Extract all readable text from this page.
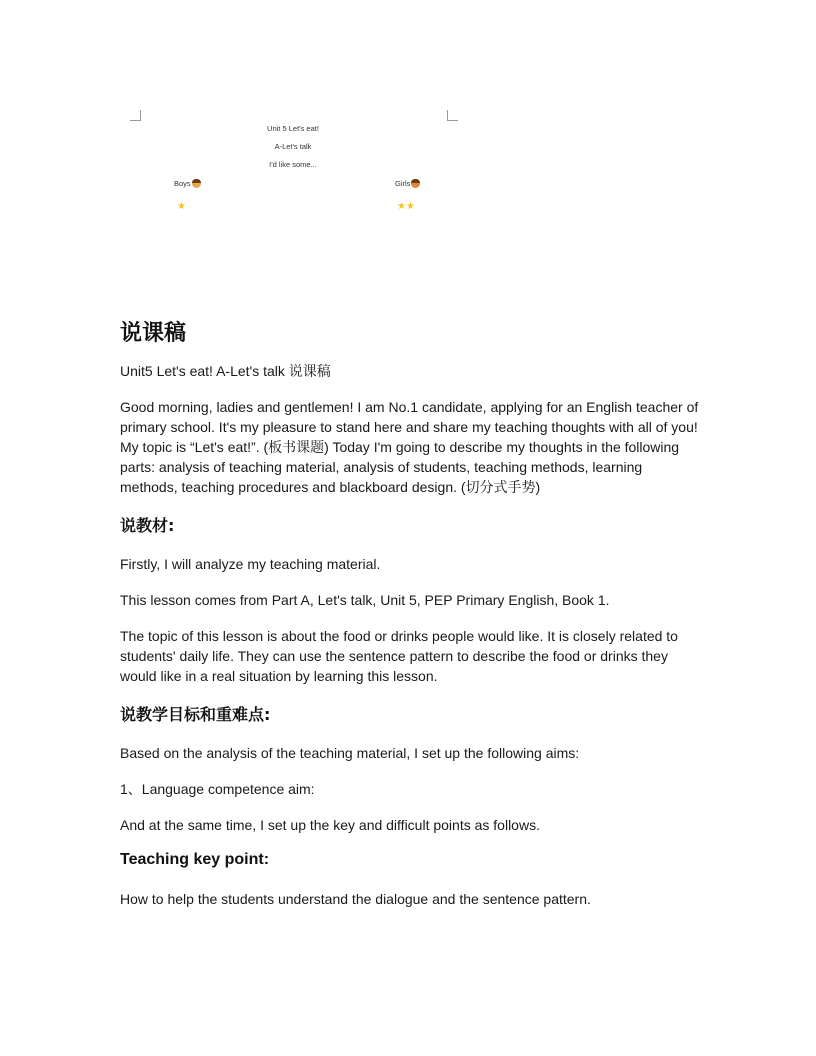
Unit 5 Let's eat!
A-Let's talk
I'd like some...
Boys	Girls
★	★★
说课稿

Unit5 Let's eat! A-Let's talk 说课稿

Good morning, ladies and gentlemen! I am No.1 candidate, applying for an English teacher of primary school. It's my pleasure to stand here and share my teaching thoughts with all of you! My topic is “Let's eat!”. (板书课题) Today I'm going to describe my thoughts in the following parts: analysis of teaching material, analysis of students, teaching methods, learning methods, teaching procedures and blackboard design. (切分式手势)

说教材:

Firstly, I will analyze my teaching material.

This lesson comes from Part A, Let's talk, Unit 5, PEP Primary English, Book 1.

The topic of this lesson is about the food or drinks people would like. It is closely related to students' daily life. They can use the sentence pattern to describe the food or drinks they would like in a real situation by learning this lesson.

说教学目标和重难点:

Based on the analysis of the teaching material, I set up the following aims:

1、Language competence aim:

And at the same time, I set up the key and difficult points as follows.

Teaching key point:

How to help the students understand the dialogue and the sentence pattern.
